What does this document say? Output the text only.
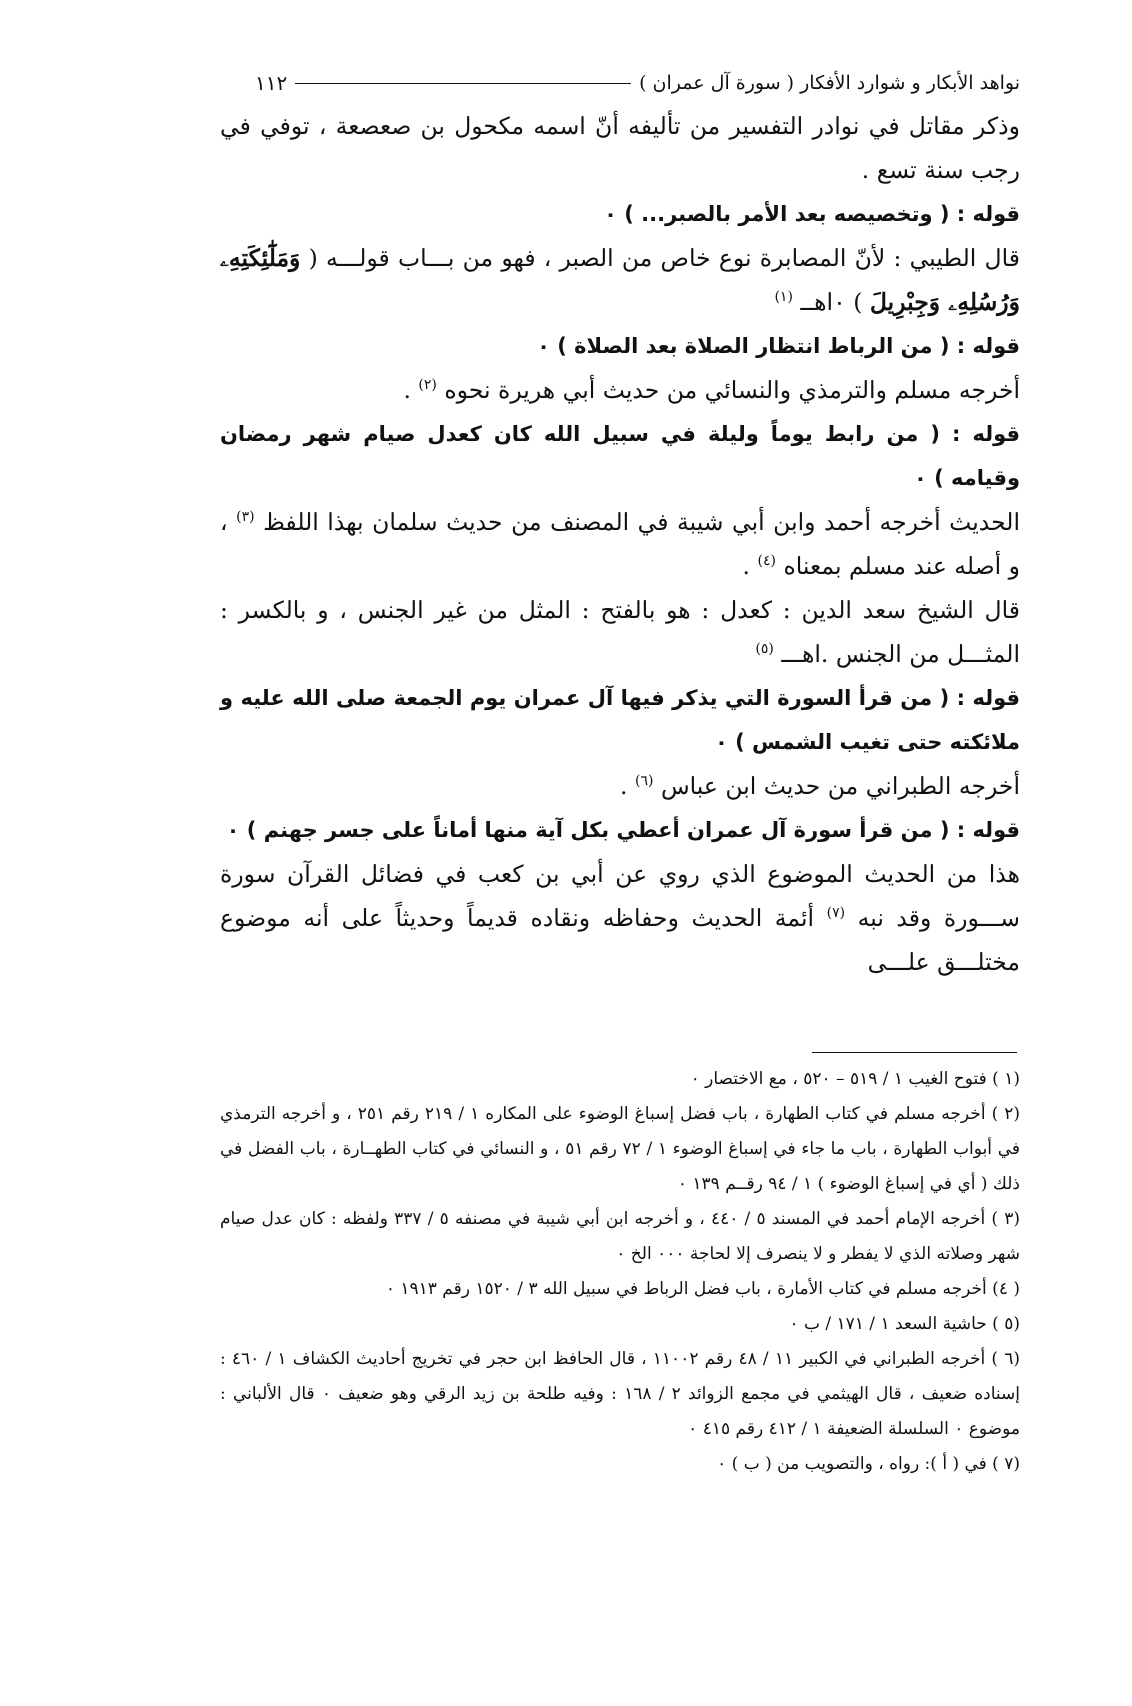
نواهد الأبكار و شوارد الأفكار ( سورة آل عمران )
١١٢

وذكر مقاتل في نوادر التفسير من تأليفه أنّ اسمه مكحول بن صعصعة ، توفي في رجب سنة تسع .

قوله : ( وتخصيصه بعد الأمر بالصبر... ) ٠

قال الطيبي : لأنّ المصابرة نوع خاص من الصبر ، فهو من بـــاب قولـــه ( وَمَلَٰٓئِكَتِهِۦ وَرُسُلِهِۦ وَجِبْرِيلَ ) ٠اهــ $^{(١)}$

قوله : ( من الرباط انتظار الصلاة بعد الصلاة ) ٠

أخرجه مسلم والترمذي والنسائي من حديث أبي هريرة نحوه $^{(٢)}$ .

قوله : ( من رابط يوماً وليلة في سبيل الله كان كعدل صيام شهر رمضان وقيامه ) ٠

الحديث أخرجه أحمد وابن أبي شيبة في المصنف من حديث سلمان بهذا اللفظ $^{(٣)}$ ، و أصله عند مسلم بمعناه $^{(٤)}$ .

قال الشيخ سعد الدين : كعدل : هو بالفتح : المثل من غير الجنس ، و بالكسر : المثـــل من الجنس .اهـــ $^{(٥)}$

قوله : ( من قرأ السورة التي يذكر فيها آل عمران يوم الجمعة صلى الله عليه و ملائكته حتى تغيب الشمس ) ٠

أخرجه الطبراني من حديث ابن عباس $^{(٦)}$ .

قوله : ( من قرأ سورة آل عمران أعطي بكل آية منها أماناً على جسر جهنم ) ٠

هذا من الحديث الموضوع الذي روي عن أبي بن كعب في فضائل القرآن سورة ســـورة وقد نبه $^{(٧)}$ أئمة الحديث وحفاظه ونقاده قديماً وحديثاً على أنه موضوع مختلـــق علـــى

(١ ) فتوح الغيب ١ / ٥١٩ – ٥٢٠ ، مع الاختصار ٠

(٢ ) أخرجه مسلم في كتاب الطهارة ، باب فضل إسباغ الوضوء على المكاره ١ / ٢١٩ رقم ٢٥١ ، و أخرجه الترمذي في أبواب الطهارة ، باب ما جاء في إسباغ الوضوء ١ / ٧٢ رقم ٥١ ، و النسائي في كتاب الطهــارة ، باب الفضل في ذلك ( أي في إسباغ الوضوء ) ١ / ٩٤ رقــم ١٣٩ ٠

(٣ ) أخرجه الإمام أحمد في المسند ٥ / ٤٤٠ ، و أخرجه ابن أبي شيبة في مصنفه ٥ / ٣٣٧ ولفظه : كان عدل صيام شهر وصلاته الذي لا يفطر و لا ينصرف إلا لحاجة ٠٠٠ الخ ٠

( ٤) أخرجه مسلم في كتاب الأمارة ، باب فضل الرباط في سبيل الله ٣ / ١٥٢٠ رقم ١٩١٣ ٠

(٥ ) حاشية السعد ١ / ١٧١ / ب ٠

(٦ ) أخرجه الطبراني في الكبير ١١ / ٤٨ رقم ١١٠٠٢ ، قال الحافظ ابن حجر في تخريج أحاديث الكشاف ١ / ٤٦٠ : إسناده ضعيف ، قال الهيثمي في مجمع الزوائد ٢ / ١٦٨ : وفيه طلحة بن زيد الرقي وهو ضعيف ٠ قال الألباني : موضوع ٠ السلسلة الضعيفة ١ / ٤١٢ رقم ٤١٥ ٠

(٧ ) في ( أ ): رواه ، والتصويب من ( ب ) ٠
